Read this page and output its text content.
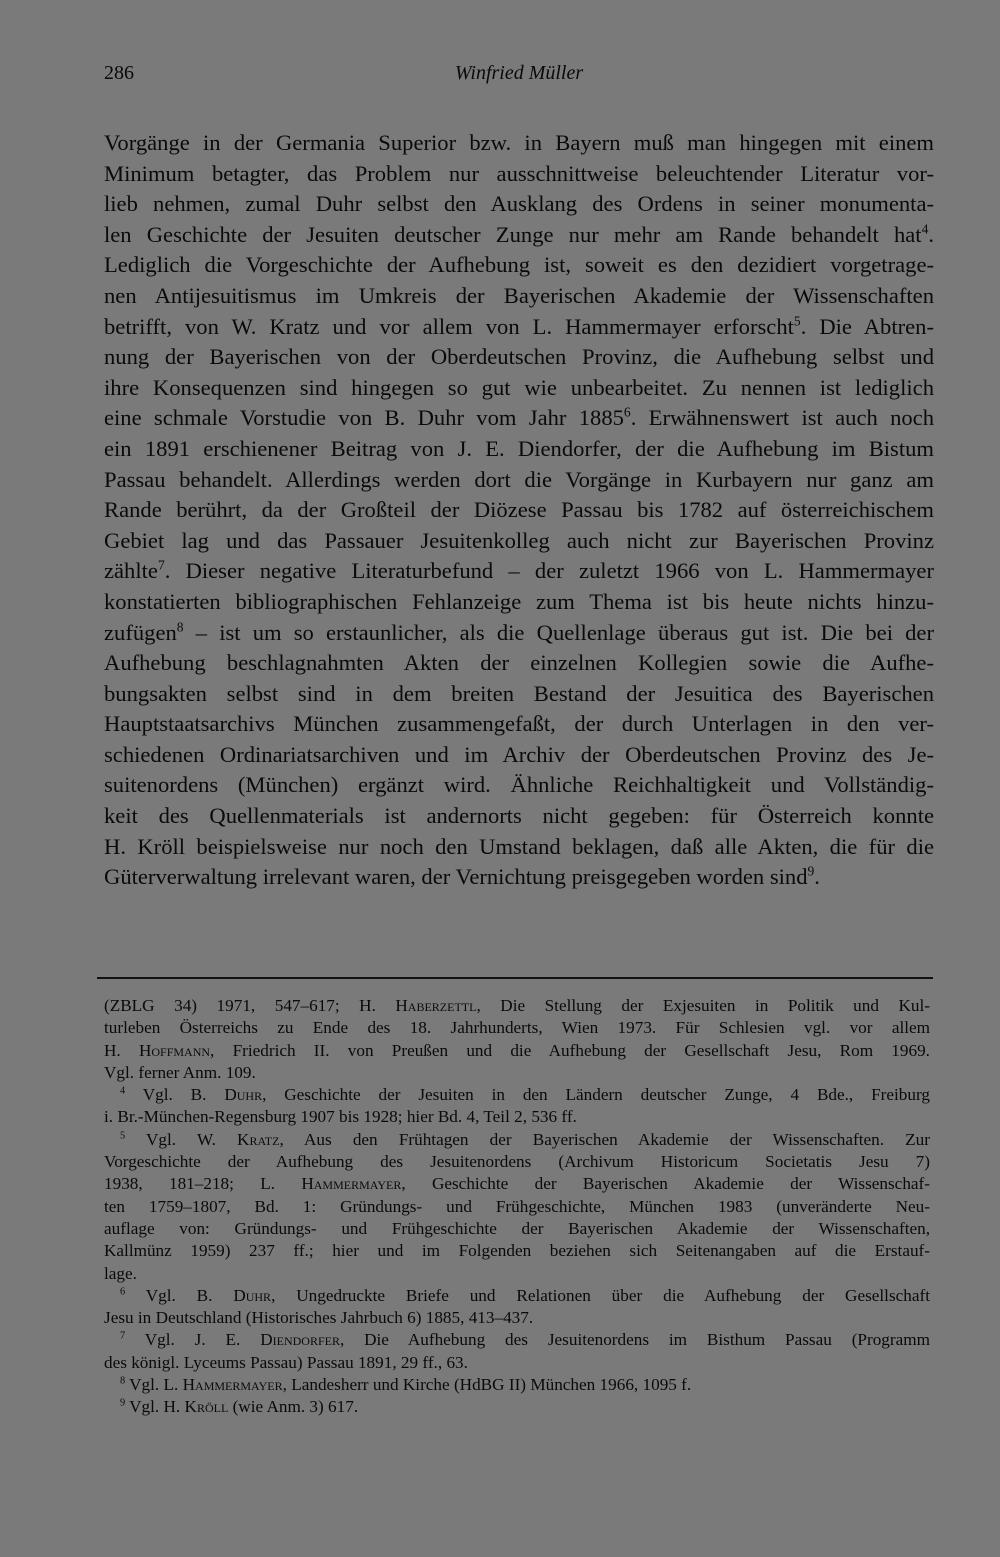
286	Winfried Müller
Vorgänge in der Germania Superior bzw. in Bayern muß man hingegen mit einem
Minimum betagter, das Problem nur ausschnittweise beleuchtender Literatur vor-
lieb nehmen, zumal Duhr selbst den Ausklang des Ordens in seiner monumenta-
len Geschichte der Jesuiten deutscher Zunge nur mehr am Rande behandelt hat$^4$.
Lediglich die Vorgeschichte der Aufhebung ist, soweit es den dezidiert vorgetrage-
nen Antijesuitismus im Umkreis der Bayerischen Akademie der Wissenschaften
betrifft, von W. Kratz und vor allem von L. Hammermayer erforscht$^5$. Die Abtren-
nung der Bayerischen von der Oberdeutschen Provinz, die Aufhebung selbst und
ihre Konsequenzen sind hingegen so gut wie unbearbeitet. Zu nennen ist lediglich
eine schmale Vorstudie von B. Duhr vom Jahr 1885$^6$. Erwähnenswert ist auch noch
ein 1891 erschienener Beitrag von J. E. Diendorfer, der die Aufhebung im Bistum
Passau behandelt. Allerdings werden dort die Vorgänge in Kurbayern nur ganz am
Rande berührt, da der Großteil der Diözese Passau bis 1782 auf österreichischem
Gebiet lag und das Passauer Jesuitenkolleg auch nicht zur Bayerischen Provinz
zählte$^7$. Dieser negative Literaturbefund – der zuletzt 1966 von L. Hammermayer
konstatierten bibliographischen Fehlanzeige zum Thema ist bis heute nichts hinzu-
zufügen$^8$ – ist um so erstaunlicher, als die Quellenlage überaus gut ist. Die bei der
Aufhebung beschlagnahmten Akten der einzelnen Kollegien sowie die Aufhe-
bungsakten selbst sind in dem breiten Bestand der Jesuitica des Bayerischen
Hauptstaatsarchivs München zusammengefaßt, der durch Unterlagen in den ver-
schiedenen Ordinariatsarchiven und im Archiv der Oberdeutschen Provinz des Je-
suitenordens (München) ergänzt wird. Ähnliche Reichhaltigkeit und Vollständig-
keit des Quellenmaterials ist andernorts nicht gegeben: für Österreich konnte
H. Kröll beispielsweise nur noch den Umstand beklagen, daß alle Akten, die für die
Güterverwaltung irrelevant waren, der Vernichtung preisgegeben worden sind$^9$.
(ZBLG 34) 1971, 547–617; H. Haberzettl, Die Stellung der Exjesuiten in Politik und Kul-
turleben Österreichs zu Ende des 18. Jahrhunderts, Wien 1973. Für Schlesien vgl. vor allem
H. Hoffmann, Friedrich II. von Preußen und die Aufhebung der Gesellschaft Jesu, Rom 1969.
Vgl. ferner Anm. 109.
$^4$ Vgl. B. Duhr, Geschichte der Jesuiten in den Ländern deutscher Zunge, 4 Bde., Freiburg
i. Br.-München-Regensburg 1907 bis 1928; hier Bd. 4, Teil 2, 536 ff.
$^5$ Vgl. W. Kratz, Aus den Frühtagen der Bayerischen Akademie der Wissenschaften. Zur
Vorgeschichte der Aufhebung des Jesuitenordens (Archivum Historicum Societatis Jesu 7)
1938, 181–218; L. Hammermayer, Geschichte der Bayerischen Akademie der Wissenschaf-
ten 1759–1807, Bd. 1: Gründungs- und Frühgeschichte, München 1983 (unveränderte Neu-
auflage von: Gründungs- und Frühgeschichte der Bayerischen Akademie der Wissenschaften,
Kallmünz 1959) 237 ff.; hier und im Folgenden beziehen sich Seitenangaben auf die Erstauf-
lage.
$^6$ Vgl. B. Duhr, Ungedruckte Briefe und Relationen über die Aufhebung der Gesellschaft
Jesu in Deutschland (Historisches Jahrbuch 6) 1885, 413–437.
$^7$ Vgl. J. E. Diendorfer, Die Aufhebung des Jesuitenordens im Bisthum Passau (Programm
des königl. Lyceums Passau) Passau 1891, 29 ff., 63.
$^8$ Vgl. L. Hammermayer, Landesherr und Kirche (HdBG II) München 1966, 1095 f.
$^9$ Vgl. H. Kröll (wie Anm. 3) 617.
